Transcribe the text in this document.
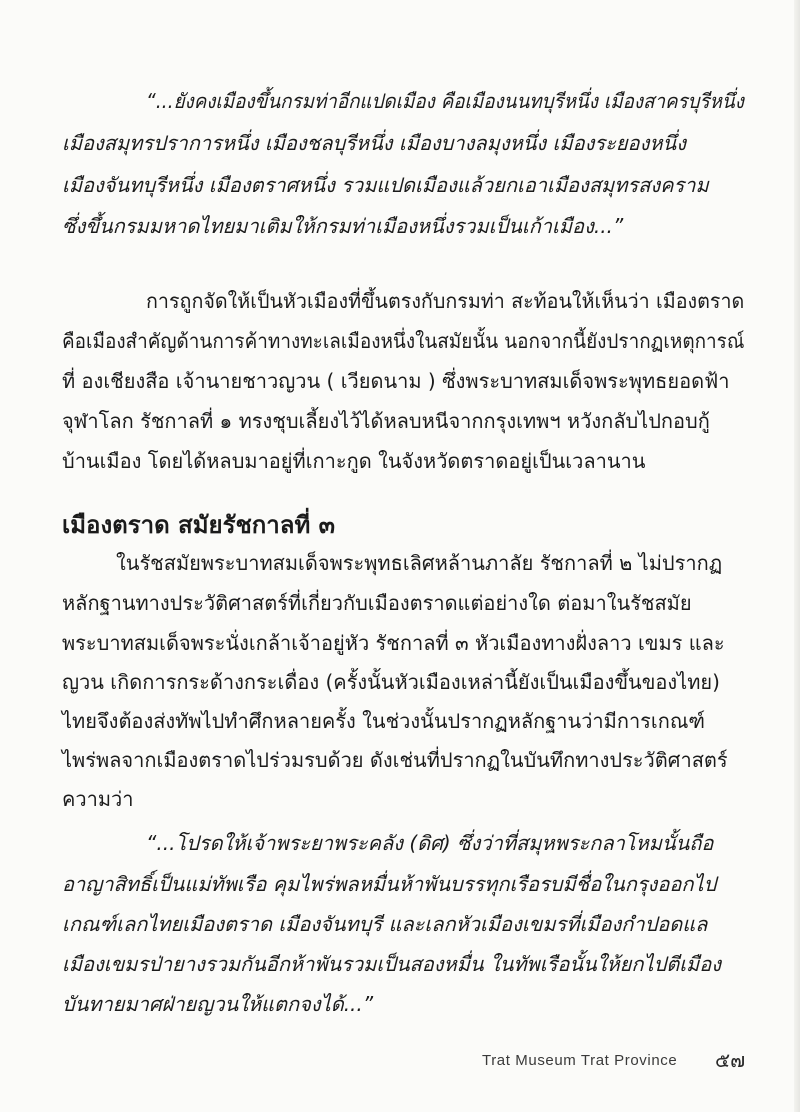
“...ยังคงเมืองขึ้นกรมท่าอีกแปดเมือง คือเมืองนนทบุรีหนึ่ง เมืองสาครบุรีหนึ่ง
เมืองสมุทรปราการหนึ่ง เมืองชลบุรีหนึ่ง เมืองบางลมุงหนึ่ง เมืองระยองหนึ่ง
เมืองจันทบุรีหนึ่ง เมืองตราศหนึ่ง รวมแปดเมืองแล้วยกเอาเมืองสมุทรสงคราม
ซึ่งขึ้นกรมมหาดไทยมาเติมให้กรมท่าเมืองหนึ่งรวมเป็นเก้าเมือง...”
การถูกจัดให้เป็นหัวเมืองที่ขึ้นตรงกับกรมท่า สะท้อนให้เห็นว่า เมืองตราด
คือเมืองสำคัญด้านการค้าทางทะเลเมืองหนึ่งในสมัยนั้น นอกจากนี้ยังปรากฏเหตุการณ์
ที่ องเชียงสือ เจ้านายชาวญวน ( เวียดนาม ) ซึ่งพระบาทสมเด็จพระพุทธยอดฟ้า
จุฬาโลก รัชกาลที่ ๑ ทรงชุบเลี้ยงไว้ได้หลบหนีจากกรุงเทพฯ หวังกลับไปกอบกู้
บ้านเมือง โดยได้หลบมาอยู่ที่เกาะกูด ในจังหวัดตราดอยู่เป็นเวลานาน
เมืองตราด สมัยรัชกาลที่ ๓
ในรัชสมัยพระบาทสมเด็จพระพุทธเลิศหล้านภาลัย รัชกาลที่ ๒ ไม่ปรากฏ
หลักฐานทางประวัติศาสตร์ที่เกี่ยวกับเมืองตราดแต่อย่างใด ต่อมาในรัชสมัย
พระบาทสมเด็จพระนั่งเกล้าเจ้าอยู่หัว รัชกาลที่ ๓ หัวเมืองทางฝั่งลาว เขมร และ
ญวน เกิดการกระด้างกระเดื่อง (ครั้งนั้นหัวเมืองเหล่านี้ยังเป็นเมืองขึ้นของไทย)
ไทยจึงต้องส่งทัพไปทำศึกหลายครั้ง ในช่วงนั้นปรากฏหลักฐานว่ามีการเกณฑ์
ไพร่พลจากเมืองตราดไปร่วมรบด้วย ดังเช่นที่ปรากฏในบันทึกทางประวัติศาสตร์
ความว่า
“...โปรดให้เจ้าพระยาพระคลัง (ดิศ) ซึ่งว่าที่สมุหพระกลาโหมนั้นถือ
อาญาสิทธิ์เป็นแม่ทัพเรือ คุมไพร่พลหมื่นห้าพันบรรทุกเรือรบมีชื่อในกรุงออกไป
เกณฑ์เลกไทยเมืองตราด เมืองจันทบุรี และเลกหัวเมืองเขมรที่เมืองกำปอดแล
เมืองเขมรป่ายางรวมกันอีกห้าพันรวมเป็นสองหมื่น ในทัพเรือนั้นให้ยกไปตีเมือง
บันทายมาศฝ่ายญวนให้แตกจงได้...”
Trat Museum Trat Province ๕๗
